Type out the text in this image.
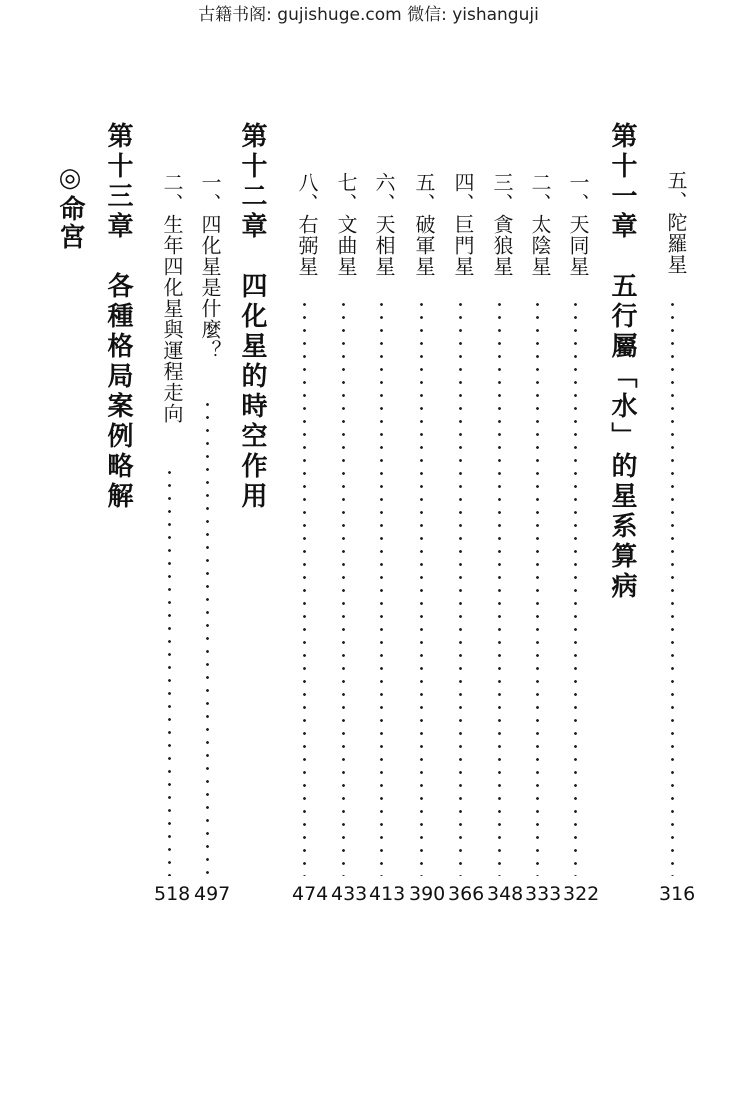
古籍书阁: gujishuge.com 微信: yishanguji
五、陀羅星
316
第十一章　五行屬「水」的星系算病
一、天同星
322
二、太陰星
333
三、貪狼星
348
四、巨門星
366
五、破軍星
390
六、天相星
413
七、文曲星
433
八、右弼星
474
第十二章　四化星的時空作用
一、四化星是什麼？
497
二、生年四化星與運程走向
518
第十三章　各種格局案例略解
◎命宮
